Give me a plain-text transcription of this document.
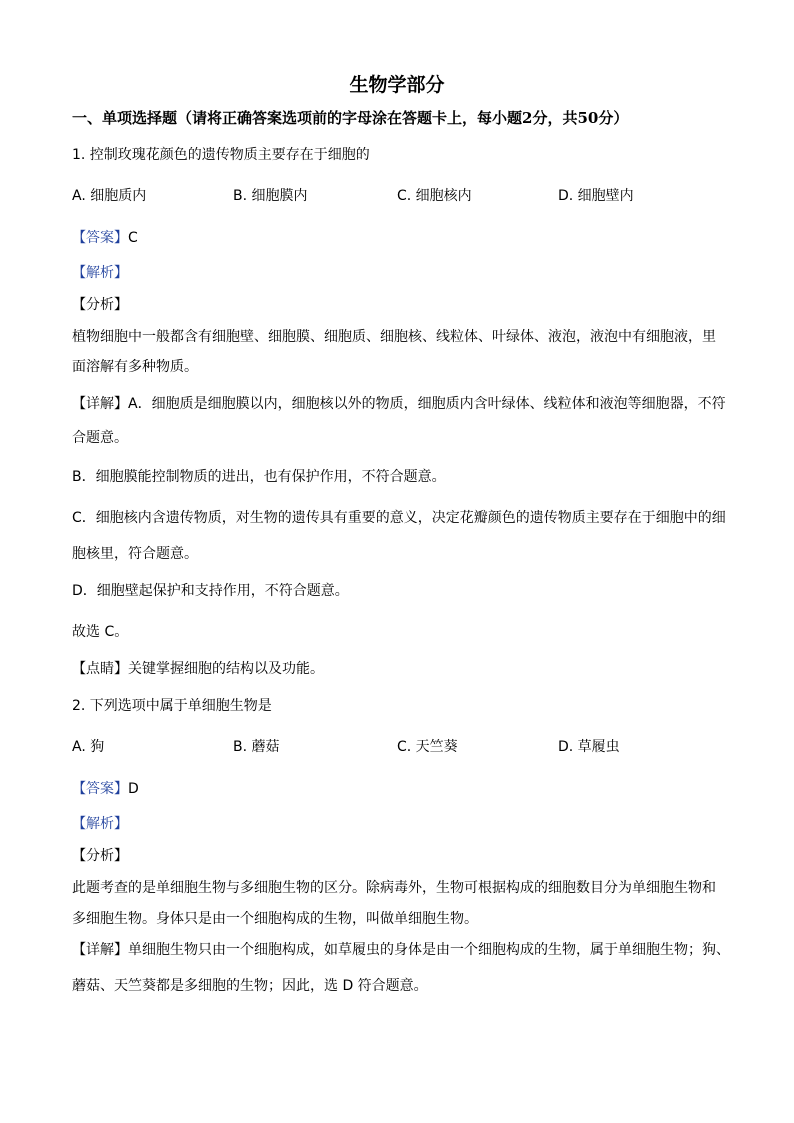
生物学部分
一、单项选择题（请将正确答案选项前的字母涂在答题卡上，每小题2分，共50分）
1. 控制玫瑰花颜色的遗传物质主要存在于细胞的
A. 细胞质内	B. 细胞膜内	C. 细胞核内	D. 细胞壁内
【答案】C
【解析】
【分析】
植物细胞中一般都含有细胞壁、细胞膜、细胞质、细胞核、线粒体、叶绿体、液泡，液泡中有细胞液，里
面溶解有多种物质。
【详解】A．细胞质是细胞膜以内，细胞核以外的物质，细胞质内含叶绿体、线粒体和液泡等细胞器，不符
合题意。
B．细胞膜能控制物质的进出，也有保护作用，不符合题意。
C．细胞核内含遗传物质，对生物的遗传具有重要的意义，决定花瓣颜色的遗传物质主要存在于细胞中的细
胞核里，符合题意。
D．细胞壁起保护和支持作用，不符合题意。
故选 C。
【点睛】关键掌握细胞的结构以及功能。
2. 下列选项中属于单细胞生物是
A. 狗	B. 蘑菇	C. 天竺葵	D. 草履虫
【答案】D
【解析】
【分析】
此题考查的是单细胞生物与多细胞生物的区分。除病毒外，生物可根据构成的细胞数目分为单细胞生物和
多细胞生物。身体只是由一个细胞构成的生物，叫做单细胞生物。
【详解】单细胞生物只由一个细胞构成，如草履虫的身体是由一个细胞构成的生物，属于单细胞生物；狗、
蘑菇、天竺葵都是多细胞的生物；因此，选 D 符合题意。
